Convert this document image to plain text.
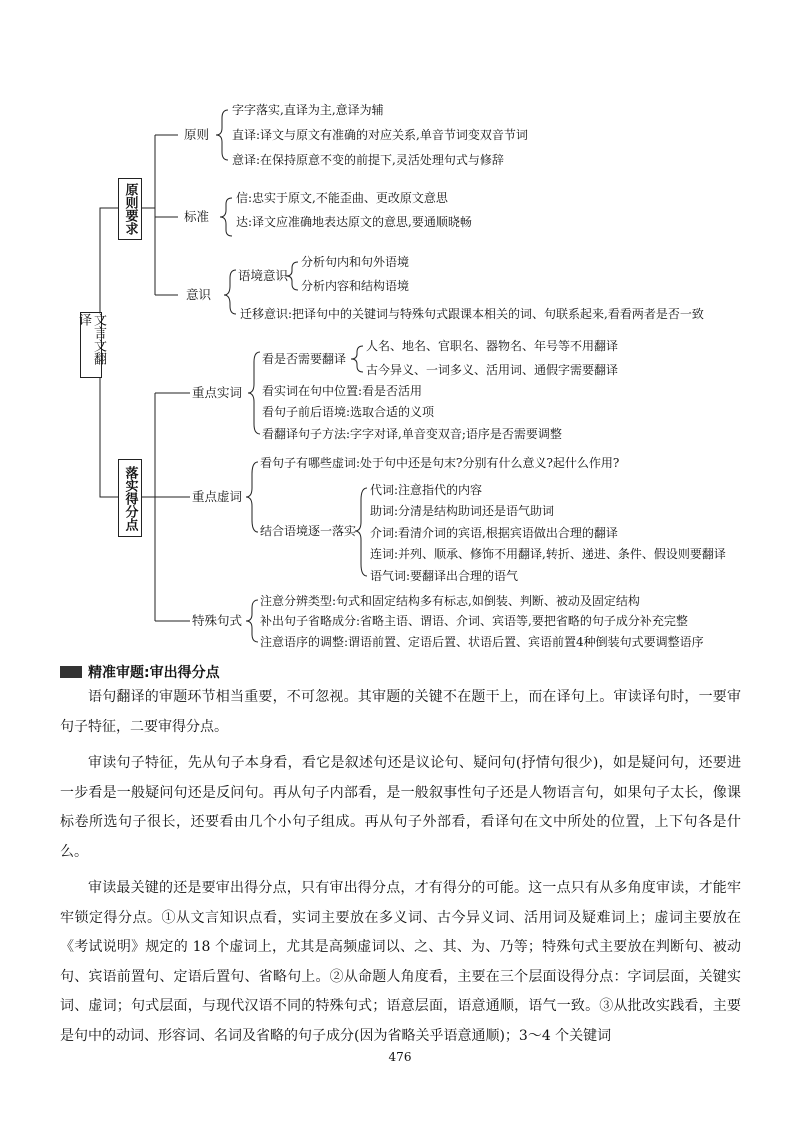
文言文翻译
原则要求
落实得分点
原则
字字落实,直译为主,意译为辅
直译:译文与原文有准确的对应关系,单音节词变双音节词
意译:在保持原意不变的前提下,灵活处理句式与修辞
标准
信:忠实于原文,不能歪曲、更改原文意思
达:译文应准确地表达原文的意思,要通顺晓畅
意识
语境意识
分析句内和句外语境
分析内容和结构语境
迁移意识:把译句中的关键词与特殊句式跟课本相关的词、句联系起来,看看两者是否一致
重点实词
看是否需要翻译
人名、地名、官职名、器物名、年号等不用翻译
古今异义、一词多义、活用词、通假字需要翻译
看实词在句中位置:看是否活用
看句子前后语境:选取合适的义项
看翻译句子方法:字字对译,单音变双音;语序是否需要调整
重点虚词
看句子有哪些虚词:处于句中还是句末?分别有什么意义?起什么作用?
结合语境逐一落实
代词:注意指代的内容
助词:分清是结构助词还是语气助词
介词:看清介词的宾语,根据宾语做出合理的翻译
连词:并列、顺承、修饰不用翻译,转折、递进、条件、假设则要翻译
语气词:要翻译出合理的语气
特殊句式
注意分辨类型:句式和固定结构多有标志,如倒装、判断、被动及固定结构
补出句子省略成分:省略主语、谓语、介词、宾语等,要把省略的句子成分补充完整
注意语序的调整:谓语前置、定语后置、状语后置、宾语前置4种倒装句式要调整语序
精准审题:审出得分点

语句翻译的审题环节相当重要，不可忽视。其审题的关键不在题干上，而在译句上。审读译句时，一要审句子特征，二要审得分点。

审读句子特征，先从句子本身看，看它是叙述句还是议论句、疑问句(抒情句很少)，如是疑问句，还要进一步看是一般疑问句还是反问句。再从句子内部看，是一般叙事性句子还是人物语言句，如果句子太长，像课标卷所选句子很长，还要看由几个小句子组成。再从句子外部看，看译句在文中所处的位置，上下句各是什么。

审读最关键的还是要审出得分点，只有审出得分点，才有得分的可能。这一点只有从多角度审读，才能牢牢锁定得分点。①从文言知识点看，实词主要放在多义词、古今异义词、活用词及疑难词上；虚词主要放在《考试说明》规定的 18 个虚词上，尤其是高频虚词以、之、其、为、乃等；特殊句式主要放在判断句、被动句、宾语前置句、定语后置句、省略句上。②从命题人角度看，主要在三个层面设得分点：字词层面，关键实词、虚词；句式层面，与现代汉语不同的特殊句式；语意层面，语意通顺，语气一致。③从批改实践看，主要是句中的动词、形容词、名词及省略的句子成分(因为省略关乎语意通顺)；3～4 个关键词

476
